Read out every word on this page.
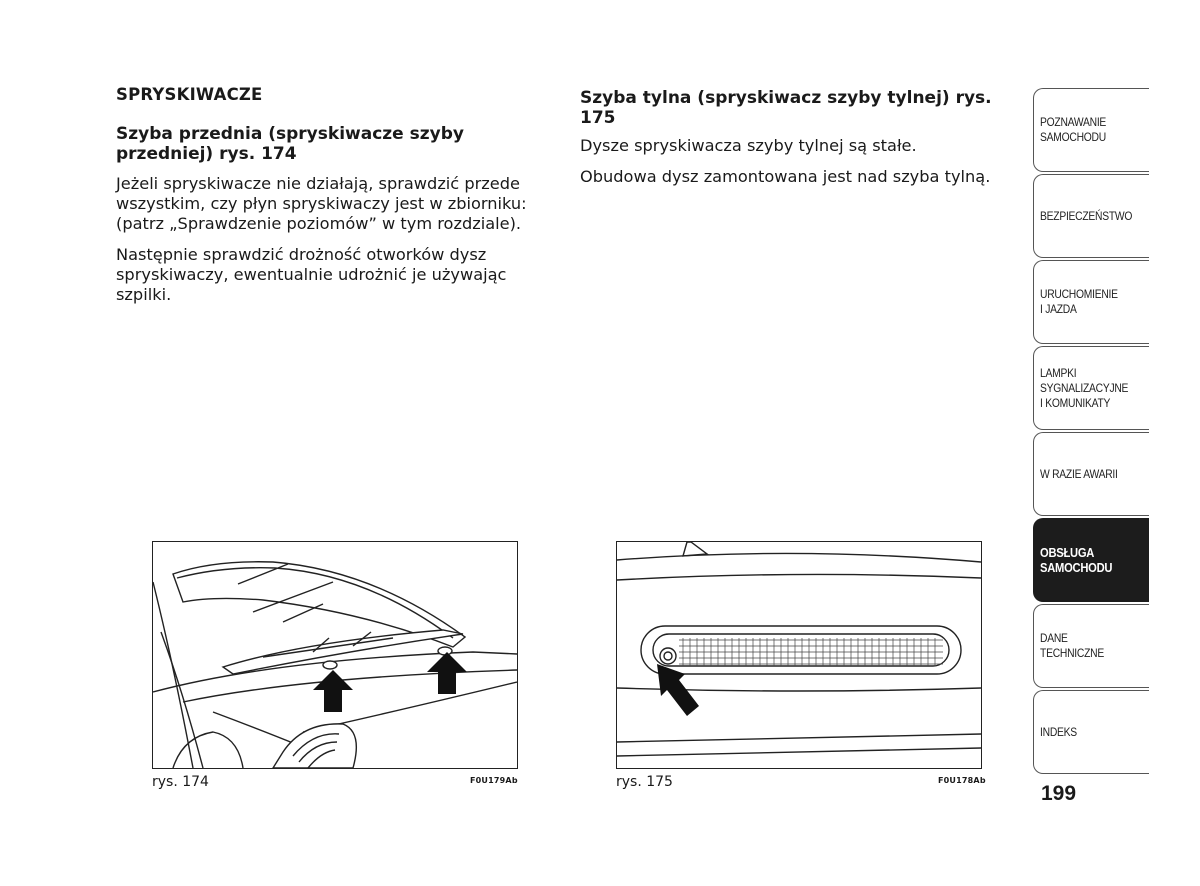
SPRYSKIWACZE
Szyba przednia (spryskiwacze szyby przedniej) rys. 174

Jeżeli spryskiwacze nie działają, sprawdzić przede wszystkim, czy płyn spryskiwaczy jest w zbiorniku: (patrz „Sprawdzenie poziomów” w tym rozdziale).

Następnie sprawdzić drożność otworków dysz spryskiwaczy, ewentualnie udrożnić je używając szpilki.

Szyba tylna (spryskiwacz szyby tylnej) rys. 175

Dysze spryskiwacza szyby tylnej są stałe.

Obudowa dysz zamontowana jest nad szyba tylną.

rys. 174	F0U179Ab	rys. 175	F0U178Ab
POZNAWANIE
SAMOCHODU
BEZPIECZEŃSTWO
URUCHOMIENIE
I JAZDA
LAMPKI
SYGNALIZACYJNE
I KOMUNIKATY
W RAZIE AWARII
OBSŁUGA
SAMOCHODU
DANE
TECHNICZNE
INDEKS
199
